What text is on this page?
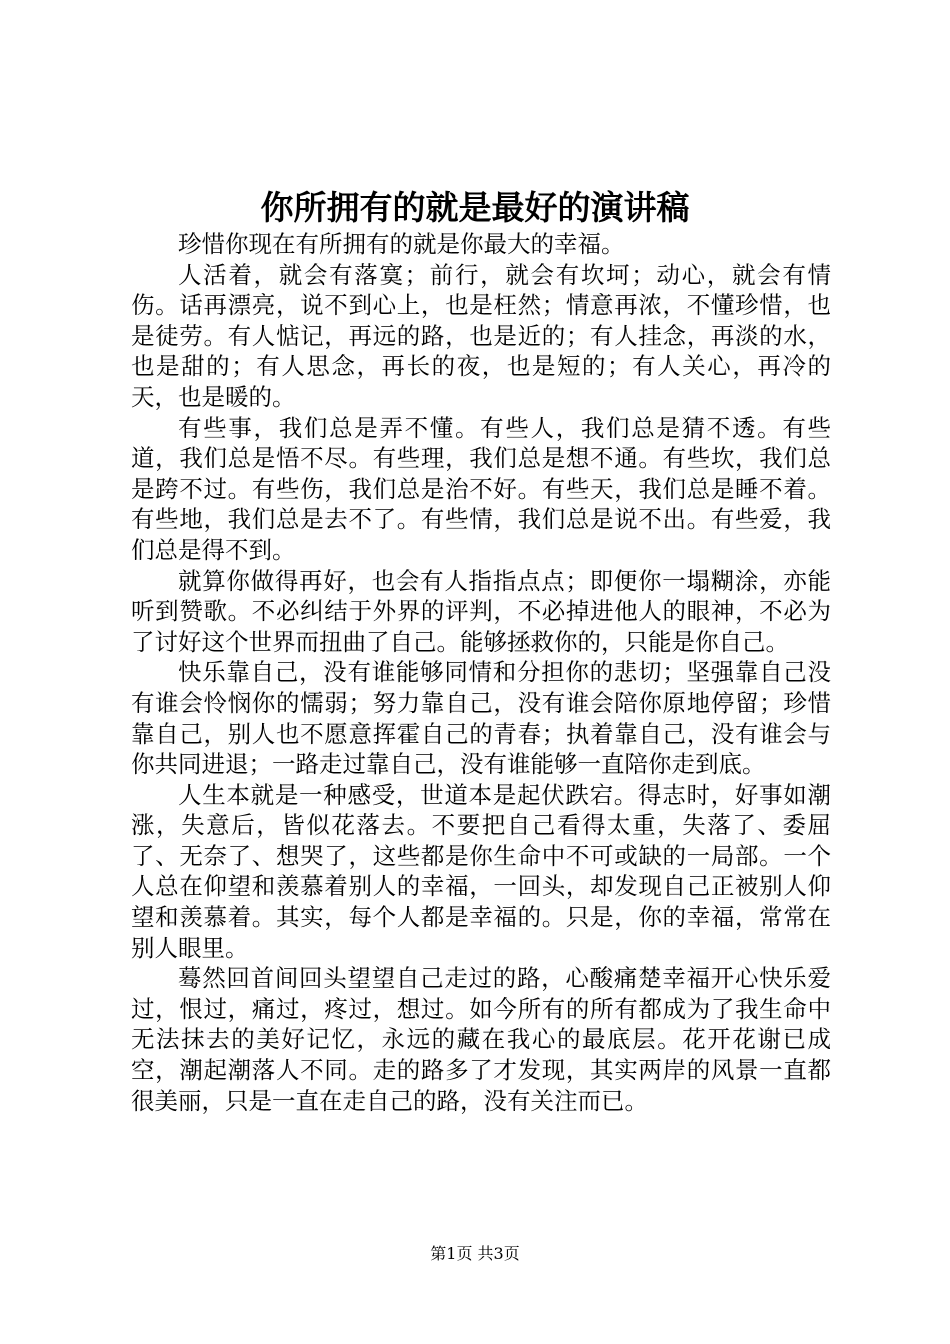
你所拥有的就是最好的演讲稿

珍惜你现在有所拥有的就是你最大的幸福。

人活着，就会有落寞；前行，就会有坎坷；动心，就会有情伤。话再漂亮，说不到心上，也是枉然；情意再浓，不懂珍惜，也是徒劳。有人惦记，再远的路，也是近的；有人挂念，再淡的水，也是甜的；有人思念，再长的夜，也是短的；有人关心，再冷的天，也是暖的。

有些事，我们总是弄不懂。有些人，我们总是猜不透。有些道，我们总是悟不尽。有些理，我们总是想不通。有些坎，我们总是跨不过。有些伤，我们总是治不好。有些天，我们总是睡不着。有些地，我们总是去不了。有些情，我们总是说不出。有些爱，我们总是得不到。

就算你做得再好，也会有人指指点点；即便你一塌糊涂，亦能听到赞歌。不必纠结于外界的评判，不必掉进他人的眼神，不必为了讨好这个世界而扭曲了自己。能够拯救你的，只能是你自己。

快乐靠自己，没有谁能够同情和分担你的悲切；坚强靠自己没有谁会怜悯你的懦弱；努力靠自己，没有谁会陪你原地停留；珍惜靠自己，别人也不愿意挥霍自己的青春；执着靠自己，没有谁会与你共同进退；一路走过靠自己，没有谁能够一直陪你走到底。

人生本就是一种感受，世道本是起伏跌宕。得志时，好事如潮涨，失意后，皆似花落去。不要把自己看得太重，失落了、委屈了、无奈了、想哭了，这些都是你生命中不可或缺的一局部。一个人总在仰望和羡慕着别人的幸福，一回头，却发现自己正被别人仰望和羡慕着。其实，每个人都是幸福的。只是，你的幸福，常常在别人眼里。

蓦然回首间回头望望自己走过的路，心酸痛楚幸福开心快乐爱过，恨过，痛过，疼过，想过。如今所有的所有都成为了我生命中无法抹去的美好记忆，永远的藏在我心的最底层。花开花谢已成空，潮起潮落人不同。走的路多了才发现，其实两岸的风景一直都很美丽，只是一直在走自己的路，没有关注而已。

第1页 共3页
